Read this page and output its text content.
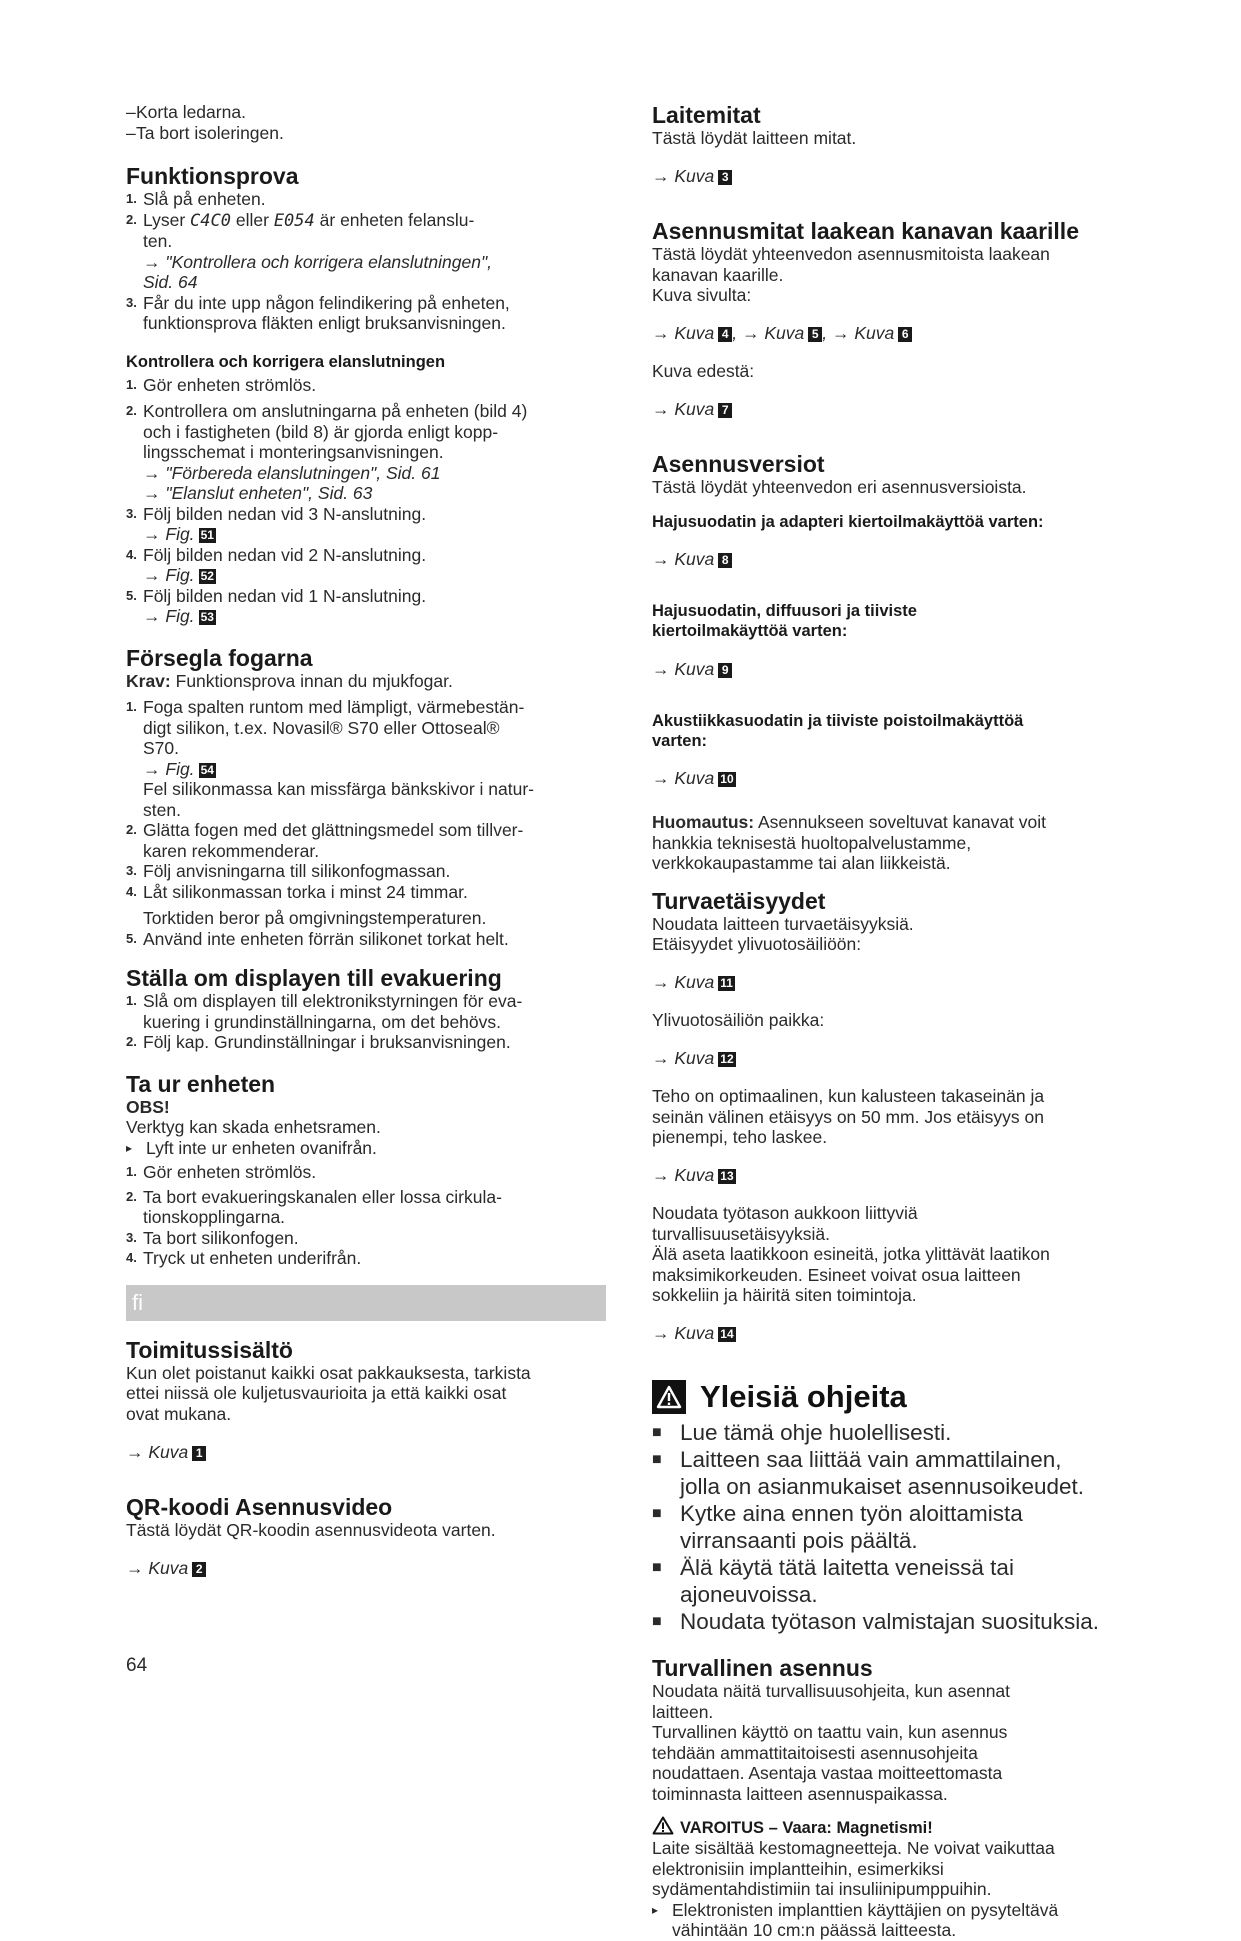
– Korta ledarna.
– Ta bort isoleringen.

Funktionsprova

1. Slå på enheten.
2. Lyser C4C0 eller E054 är enheten felanslu-
ten.
→ "Kontrollera och korrigera elanslutningen",
Sid. 64
3. Får du inte upp någon felindikering på enheten,
funktionsprova fläkten enligt bruksanvisningen.

Kontrollera och korrigera elanslutningen

1. Gör enheten strömlös.
2. Kontrollera om anslutningarna på enheten (bild 4)
och i fastigheten (bild 8) är gjorda enligt kopp-
lingsschemat i monteringsanvisningen.
→ "Förbereda elanslutningen", Sid. 61
→ "Elanslut enheten", Sid. 63
3. Följ bilden nedan vid 3 N-anslutning.
→ Fig. 51
4. Följ bilden nedan vid 2 N-anslutning.
→ Fig. 52
5. Följ bilden nedan vid 1 N-anslutning.
→ Fig. 53

Försegla fogarna

Krav: Funktionsprova innan du mjukfogar.

1. Foga spalten runtom med lämpligt, värmebestän-
digt silikon, t.ex. Novasil® S70 eller Ottoseal®
S70.
→ Fig. 54
Fel silikonmassa kan missfärga bänkskivor i natur-
sten.
2. Glätta fogen med det glättningsmedel som tillver-
karen rekommenderar.
3. Följ anvisningarna till silikonfogmassan.
4. Låt silikonmassan torka i minst 24 timmar.
Torktiden beror på omgivningstemperaturen.
5. Använd inte enheten förrän silikonet torkat helt.

Ställa om displayen till evakuering

1. Slå om displayen till elektronikstyrningen för eva-
kuering i grundinställningarna, om det behövs.
2. Följ kap. Grundinställningar i bruksanvisningen.

Ta ur enheten

OBS!

Verktyg kan skada enhetsramen.

▸ Lyft inte ur enheten ovanifrån.
1. Gör enheten strömlös.
2. Ta bort evakueringskanalen eller lossa cirkula-
tionskopplingarna.
3. Ta bort silikonfogen.
4. Tryck ut enheten underifrån.
fi

Toimitussisältö

Kun olet poistanut kaikki osat pakkauksesta, tarkista
ettei niissä ole kuljetusvaurioita ja että kaikki osat
ovat mukana.

→ Kuva 1

QR-koodi Asennusvideo

Tästä löydät QR-koodin asennusvideota varten.

→ Kuva 2

Laitemitat

Tästä löydät laitteen mitat.

→ Kuva 3

Asennusmitat laakean kanavan kaarille

Tästä löydät yhteenvedon asennusmitoista laakean
kanavan kaarille.
Kuva sivulta:

→ Kuva 4 , → Kuva 5 , → Kuva 6

Kuva edestä:

→ Kuva 7

Asennusversiot

Tästä löydät yhteenvedon eri asennusversioista.

Hajusuodatin ja adapteri kiertoilmakäyttöä varten:

→ Kuva 8

Hajusuodatin, diffuusori ja tiiviste
kiertoilmakäyttöä varten:

→ Kuva 9

Akustiikkasuodatin ja tiiviste poistoilmakäyttöä
varten:

→ Kuva 10

Huomautus: Asennukseen soveltuvat kanavat voit
hankkia teknisestä huoltopalvelustamme,
verkkokaupastamme tai alan liikkeistä.

Turvaetäisyydet

Noudata laitteen turvaetäisyyksiä.
Etäisyydet ylivuotosäiliöön:

→ Kuva 11

Ylivuotosäiliön paikka:

→ Kuva 12

Teho on optimaalinen, kun kalusteen takaseinän ja
seinän välinen etäisyys on 50 mm. Jos etäisyys on
pienempi, teho laskee.

→ Kuva 13

Noudata työtason aukkoon liittyviä
turvallisuusetäisyyksiä.
Älä aseta laatikkoon esineitä, jotka ylittävät laatikon
maksimikorkeuden. Esineet voivat osua laitteen
sokkeliin ja häiritä siten toimintoja.

→ Kuva 14

Yleisiä ohjeita
■ Lue tämä ohje huolellisesti.
■ Laitteen saa liittää vain ammattilainen,
jolla on asianmukaiset asennusoikeudet.
■ Kytke aina ennen työn aloittamista
virransaanti pois päältä.
■ Älä käytä tätä laitetta veneissä tai
ajoneuvoissa.
■ Noudata työtason valmistajan suosituksia.

Turvallinen asennus

Noudata näitä turvallisuusohjeita, kun asennat
laitteen.
Turvallinen käyttö on taattu vain, kun asennus
tehdään ammattitaitoisesti asennusohjeita
noudattaen. Asentaja vastaa moitteettomasta
toiminnasta laitteen asennuspaikassa.

VAROITUS – Vaara: Magnetismi!

Laite sisältää kestomagneetteja. Ne voivat vaikuttaa
elektronisiin implantteihin, esimerkiksi
sydämentahdistimiin tai insuliinipumppuihin.

▸ Elektronisten implanttien käyttäjien on pysyteltävä
vähintään 10 cm:n päässä laitteesta.
64
